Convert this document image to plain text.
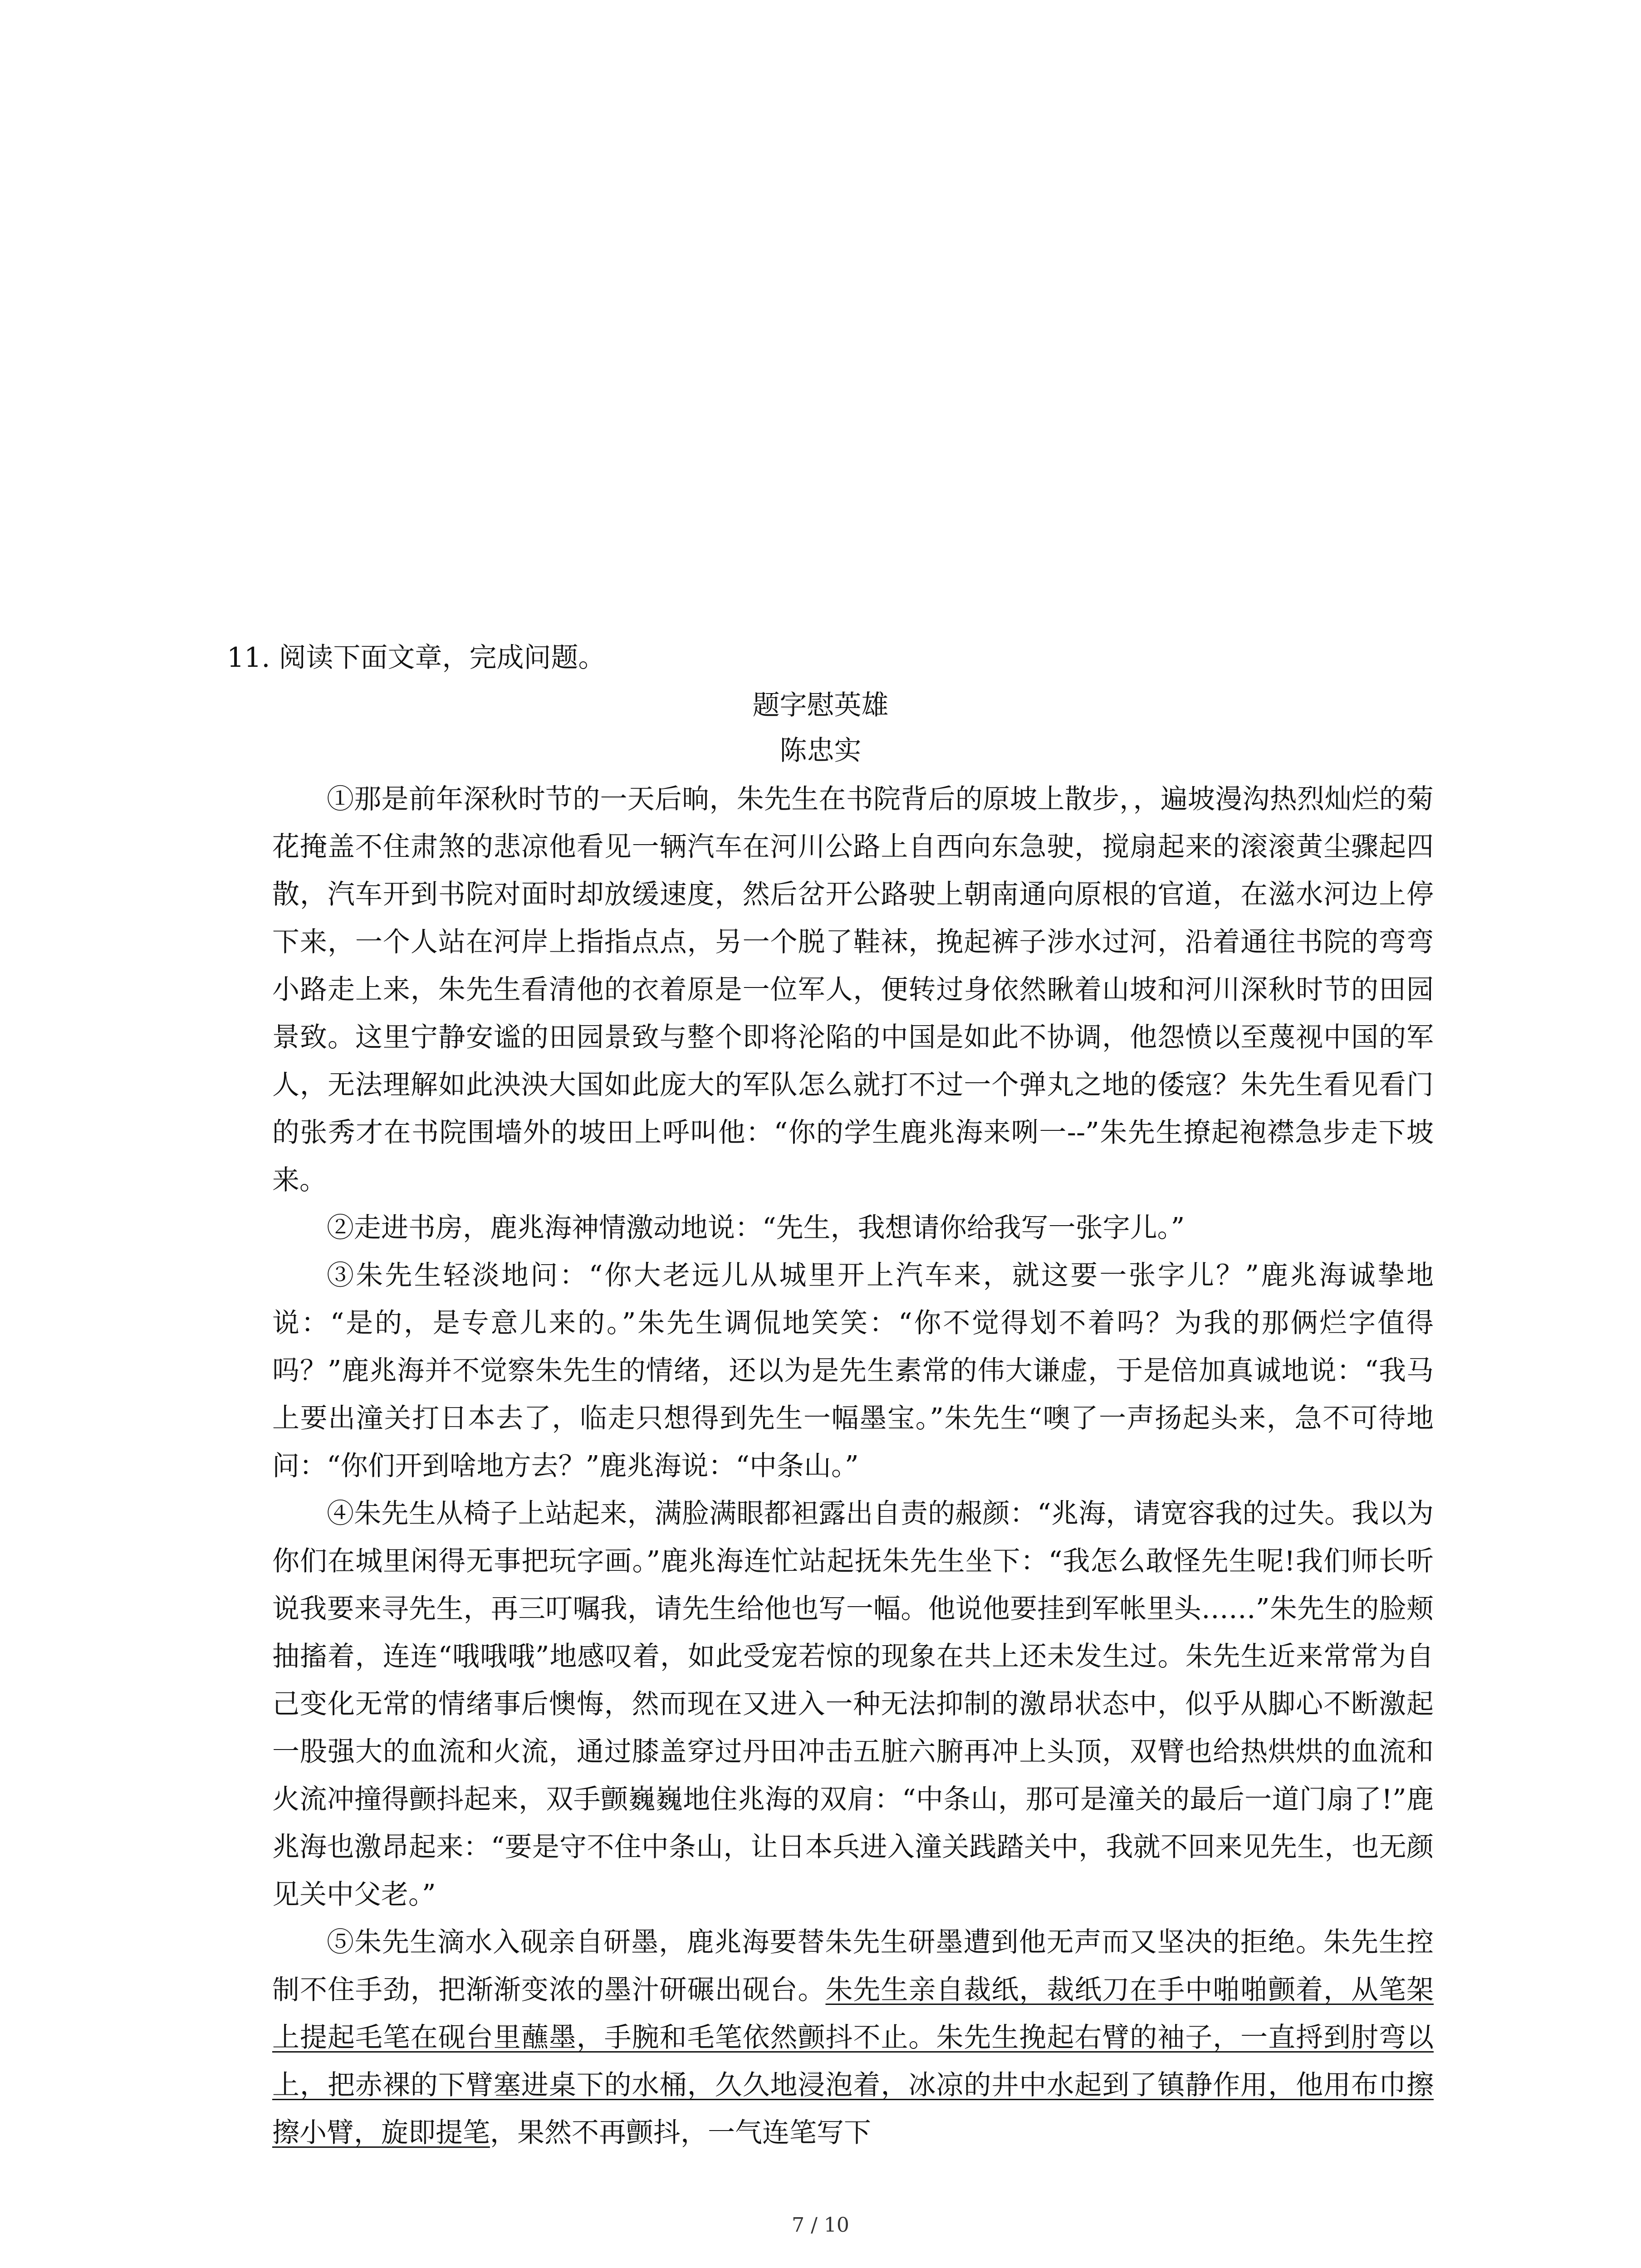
11. 阅读下面文章，完成问题。
题字慰英雄
陈忠实

①那是前年深秋时节的一天后晌，朱先生在书院背后的原坡上散步，，遍坡漫沟热烈灿烂的菊花掩盖不住肃煞的悲凉他看见一辆汽车在河川公路上自西向东急驶，搅扇起来的滚滚黄尘骤起四散，汽车开到书院对面时却放缓速度，然后岔开公路驶上朝南通向原根的官道，在滋水河边上停下来，一个人站在河岸上指指点点，另一个脱了鞋袜，挽起裤子涉水过河，沿着通往书院的弯弯小路走上来，朱先生看清他的衣着原是一位军人，便转过身依然瞅着山坡和河川深秋时节的田园景致。这里宁静安谧的田园景致与整个即将沦陷的中国是如此不协调，他怨愤以至蔑视中国的军人，无法理解如此泱泱大国如此庞大的军队怎么就打不过一个弹丸之地的倭寇？朱先生看见看门的张秀才在书院围墙外的坡田上呼叫他：“你的学生鹿兆海来咧一--”朱先生撩起袍襟急步走下坡来。

②走进书房，鹿兆海神情激动地说：“先生，我想请你给我写一张字儿。”

③朱先生轻淡地问：“你大老远儿从城里开上汽车来，就这要一张字儿？”鹿兆海诚挚地说：“是的，是专意儿来的。”朱先生调侃地笑笑：“你不觉得划不着吗？为我的那俩烂字值得吗？”鹿兆海并不觉察朱先生的情绪，还以为是先生素常的伟大谦虚，于是倍加真诚地说：“我马上要出潼关打日本去了，临走只想得到先生一幅墨宝。”朱先生“噢了一声扬起头来，急不可待地问：“你们开到啥地方去？”鹿兆海说：“中条山。”

④朱先生从椅子上站起来，满脸满眼都袒露出自责的赧颜：“兆海，请宽容我的过失。我以为你们在城里闲得无事把玩字画。”鹿兆海连忙站起抚朱先生坐下：“我怎么敢怪先生呢!我们师长听说我要来寻先生，再三叮嘱我，请先生给他也写一幅。他说他要挂到军帐里头……”朱先生的脸颊抽搐着，连连“哦哦哦”地感叹着，如此受宠若惊的现象在共上还未发生过。朱先生近来常常为自己变化无常的情绪事后懊悔，然而现在又进入一种无法抑制的激昂状态中，似乎从脚心不断激起一股强大的血流和火流，通过膝盖穿过丹田冲击五脏六腑再冲上头顶，双臂也给热烘烘的血流和火流冲撞得颤抖起来，双手颤巍巍地住兆海的双肩：“中条山，那可是潼关的最后一道门扇了!”鹿兆海也激昂起来：“要是守不住中条山，让日本兵进入潼关践踏关中，我就不回来见先生，也无颜见关中父老。”

⑤朱先生滴水入砚亲自研墨，鹿兆海要替朱先生研墨遭到他无声而又坚决的拒绝。朱先生控制不住手劲，把渐渐变浓的墨汁研碾出砚台。朱先生亲自裁纸，裁纸刀在手中啪啪颤着，从笔架上提起毛笔在砚台里蘸墨，手腕和毛笔依然颤抖不止。朱先生挽起右臂的袖子，一直捋到肘弯以上，把赤裸的下臂塞进桌下的水桶，久久地浸泡着，冰凉的井中水起到了镇静作用，他用布巾擦擦小臂，旋即提笔，果然不再颤抖，一气连笔写下

7 / 10
